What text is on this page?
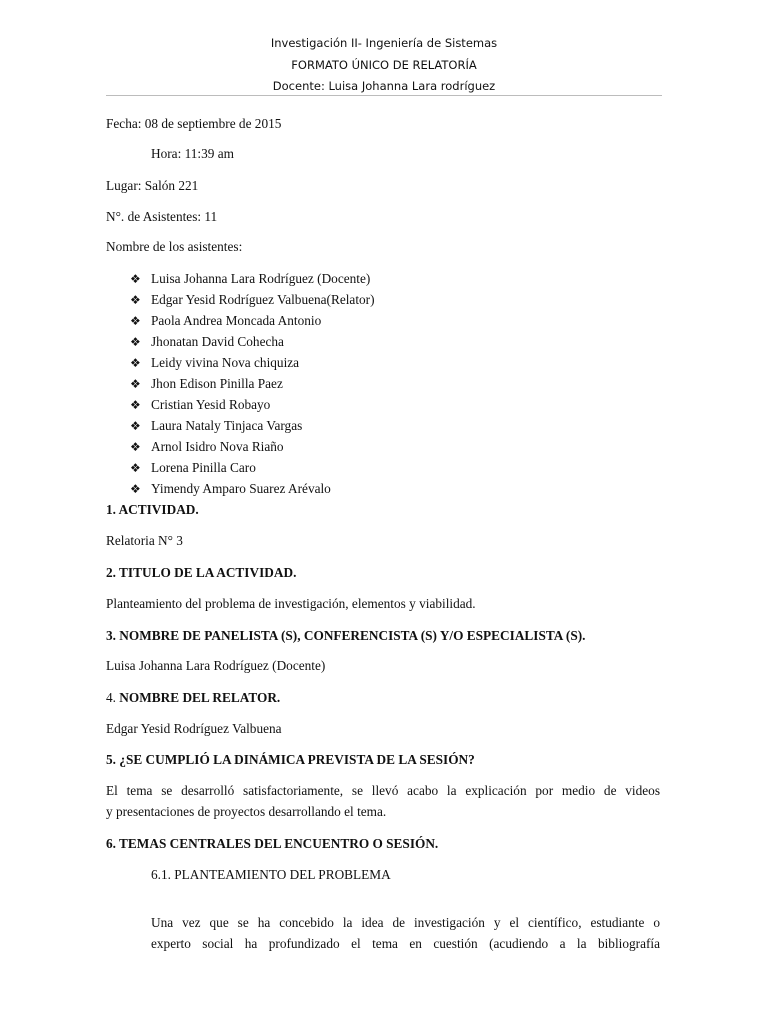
Investigación II- Ingeniería de Sistemas
FORMATO ÚNICO DE RELATORÍA
Docente: Luisa Johanna Lara rodríguez
Fecha: 08 de septiembre de 2015
Hora: 11:39 am
Lugar: Salón 221
N°. de Asistentes: 11
Nombre de los asistentes:
❖ Luisa Johanna Lara Rodríguez (Docente)
❖ Edgar Yesid Rodríguez Valbuena(Relator)
❖ Paola Andrea Moncada Antonio
❖ Jhonatan David Cohecha
❖ Leidy vivina Nova chiquiza
❖ Jhon Edison Pinilla Paez
❖ Cristian Yesid Robayo
❖ Laura Nataly Tinjaca Vargas
❖ Arnol Isidro Nova Riaño
❖ Lorena Pinilla Caro
❖ Yimendy Amparo Suarez Arévalo
1. ACTIVIDAD.
Relatoria N° 3
2. TITULO DE LA ACTIVIDAD.
Planteamiento del problema de investigación, elementos y viabilidad.
3. NOMBRE DE PANELISTA (S), CONFERENCISTA (S) Y/O ESPECIALISTA (S).
Luisa Johanna Lara Rodríguez (Docente)
4. NOMBRE DEL RELATOR.
Edgar Yesid Rodríguez Valbuena
5. ¿SE CUMPLIÓ LA DINÁMICA PREVISTA DE LA SESIÓN?
El tema se desarrolló satisfactoriamente, se llevó acabo la explicación por medio de videos
y presentaciones de proyectos desarrollando el tema.
6. TEMAS CENTRALES DEL ENCUENTRO O SESIÓN.
6.1. PLANTEAMIENTO DEL PROBLEMA
Una vez que se ha concebido la idea de investigación y el científico, estudiante o
experto social ha profundizado el tema en cuestión (acudiendo a la bibliografía
